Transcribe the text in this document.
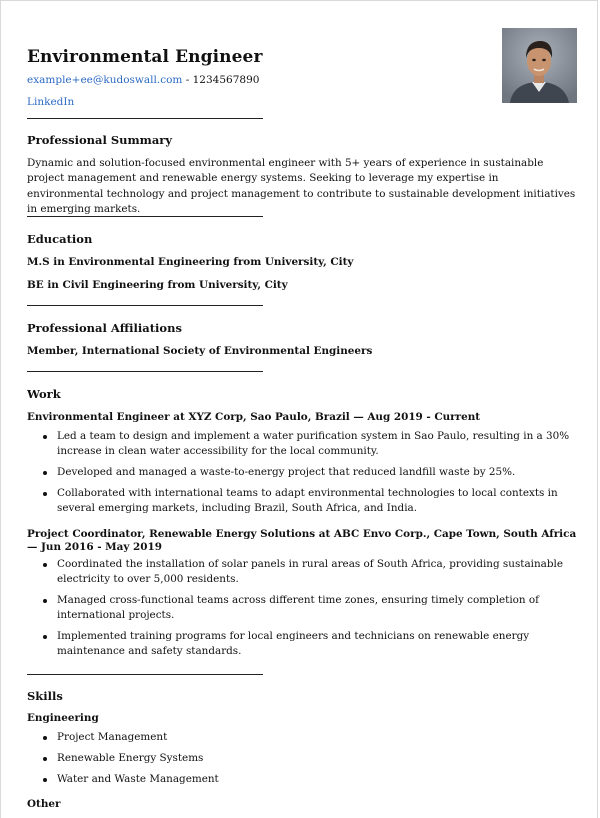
Environmental Engineer
example+ee@kudoswall.com - 1234567890
LinkedIn
Professional Summary

Dynamic and solution-focused environmental engineer with 5+ years of experience in sustainable project management and renewable energy systems. Seeking to leverage my expertise in environmental technology and project management to contribute to sustainable development initiatives in emerging markets.

Education

M.S in Environmental Engineering from University, City

BE in Civil Engineering from University, City

Professional Affiliations

Member, International Society of Environmental Engineers

Work

Environmental Engineer at XYZ Corp, Sao Paulo, Brazil — Aug 2019 - Current

Led a team to design and implement a water purification system in Sao Paulo, resulting in a 30% increase in clean water accessibility for the local community.
Developed and managed a waste-to-energy project that reduced landfill waste by 25%.
Collaborated with international teams to adapt environmental technologies to local contexts in several emerging markets, including Brazil, South Africa, and India.

Project Coordinator, Renewable Energy Solutions at ABC Envo Corp., Cape Town, South Africa — Jun 2016 - May 2019

Coordinated the installation of solar panels in rural areas of South Africa, providing sustainable electricity to over 5,000 residents.
Managed cross-functional teams across different time zones, ensuring timely completion of international projects.
Implemented training programs for local engineers and technicians on renewable energy maintenance and safety standards.
Skills

Engineering

Project Management
Renewable Energy Systems
Water and Waste Management

Other
